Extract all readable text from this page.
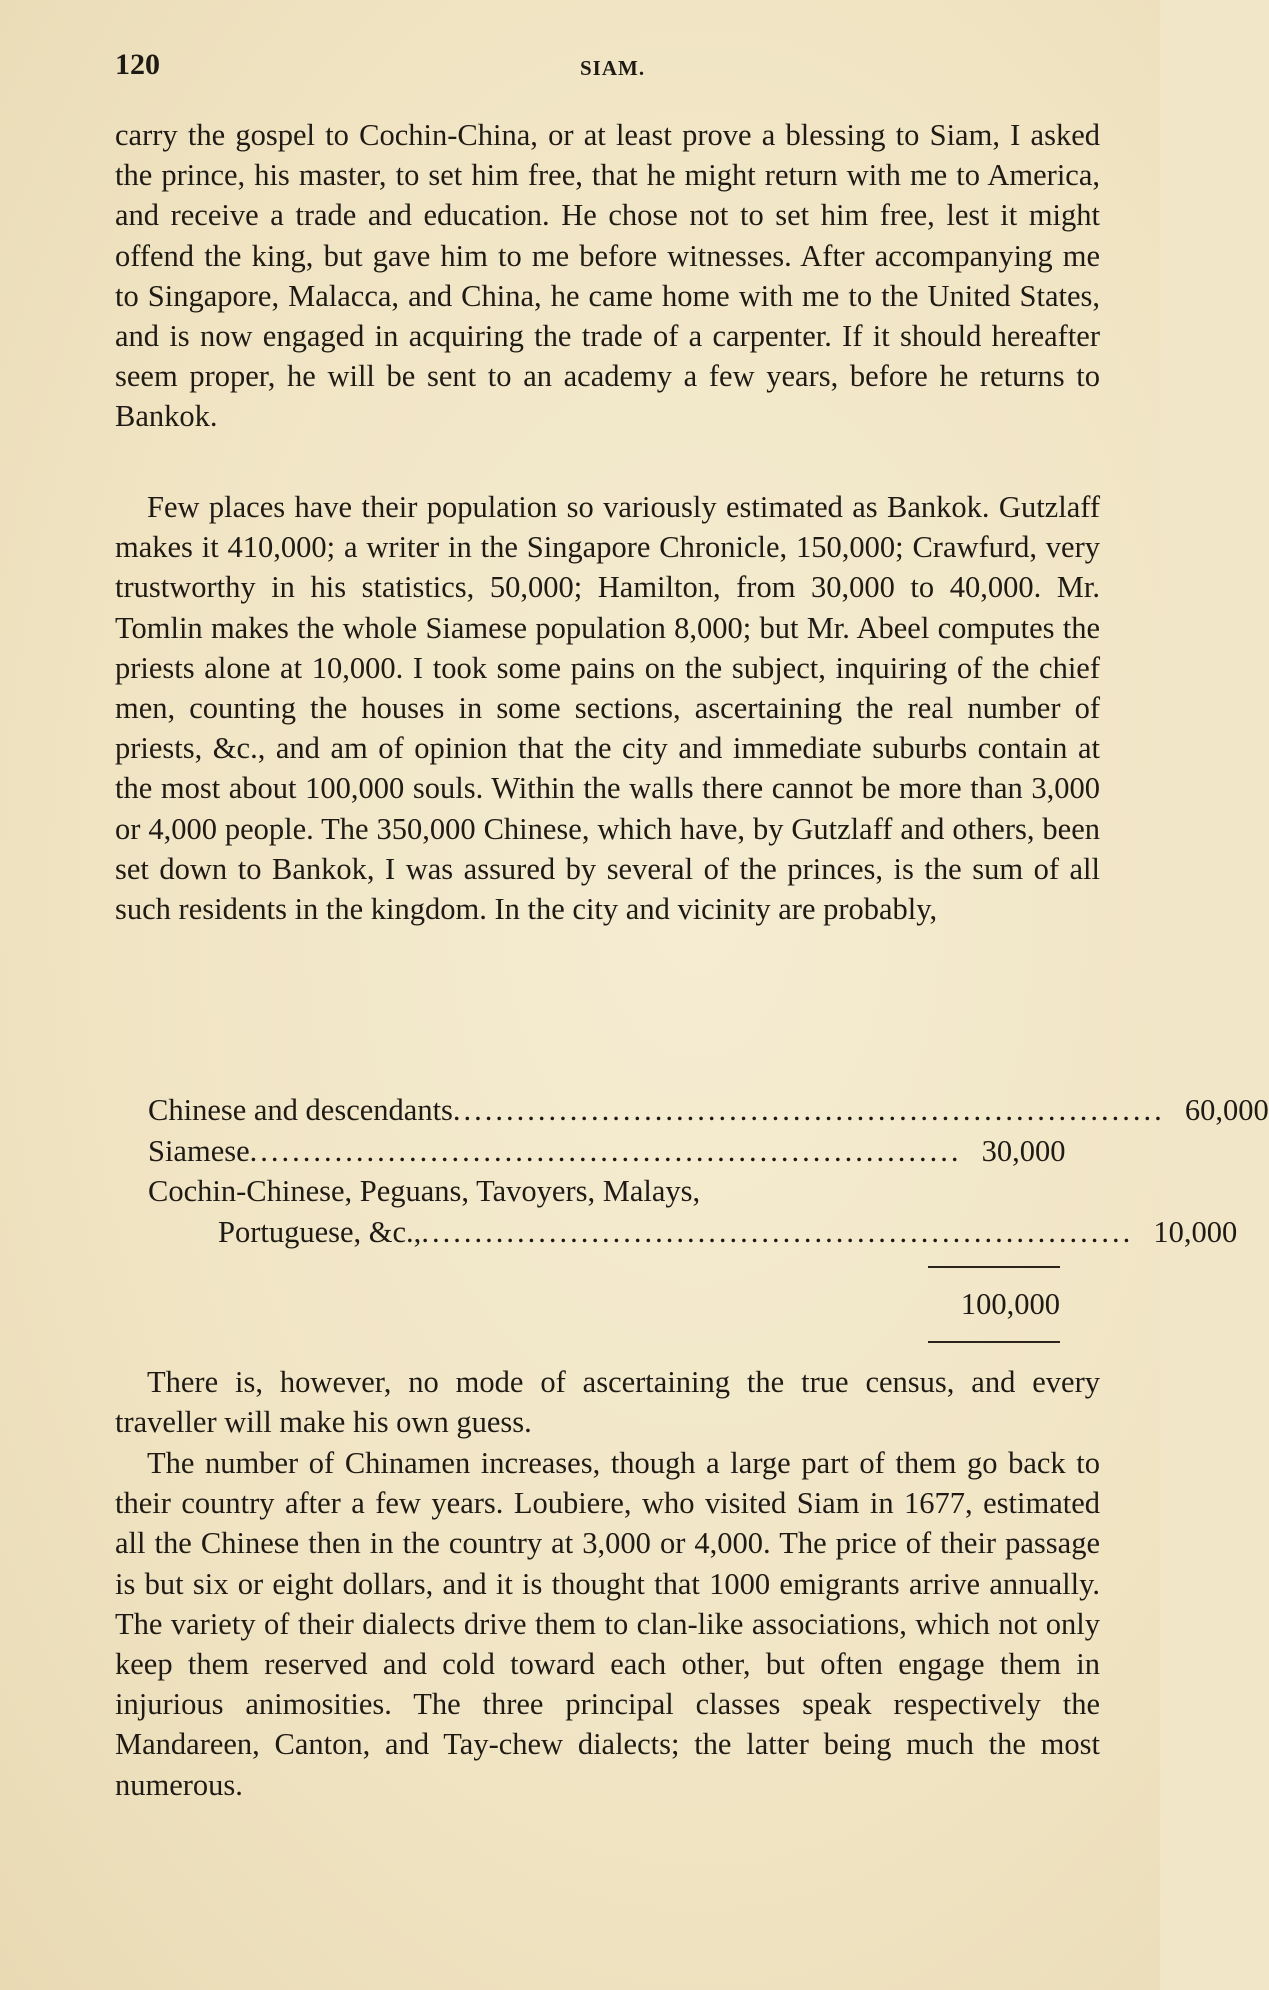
120	SIAM.

carry the gospel to Cochin-China, or at least prove a blessing to Siam, I asked the prince, his master, to set him free, that he might return with me to America, and receive a trade and education. He chose not to set him free, lest it might offend the king, but gave him to me before witnesses. After accompanying me to Singapore, Malacca, and China, he came home with me to the United States, and is now engaged in acquiring the trade of a carpenter. If it should hereafter seem proper, he will be sent to an academy a few years, before he returns to Bankok.

Few places have their population so variously estimated as Bankok. Gutzlaff makes it 410,000; a writer in the Singapore Chronicle, 150,000; Crawfurd, very trustworthy in his statistics, 50,000; Hamilton, from 30,000 to 40,000. Mr. Tomlin makes the whole Siamese population 8,000; but Mr. Abeel computes the priests alone at 10,000. I took some pains on the subject, inquiring of the chief men, counting the houses in some sections, ascertaining the real number of priests, &c., and am of opinion that the city and immediate suburbs contain at the most about 100,000 souls. Within the walls there cannot be more than 3,000 or 4,000 people. The 350,000 Chinese, which have, by Gutzlaff and others, been set down to Bankok, I was assured by several of the princes, is the sum of all such residents in the kingdom. In the city and vicinity are probably,

Chinese and descendants ................................................................... 60,000
Siamese ................................................................... 30,000
Cochin-Chinese, Peguans, Tavoyers, Malays,
Portuguese, &c., ................................................................... 10,000
100,000

There is, however, no mode of ascertaining the true census, and every traveller will make his own guess.

The number of Chinamen increases, though a large part of them go back to their country after a few years. Loubiere, who visited Siam in 1677, estimated all the Chinese then in the country at 3,000 or 4,000. The price of their passage is but six or eight dollars, and it is thought that 1000 emigrants arrive annually. The variety of their dialects drive them to clan-like associations, which not only keep them reserved and cold toward each other, but often engage them in injurious animosities. The three principal classes speak respectively the Mandareen, Canton, and Tay-chew dialects; the latter being much the most numerous.
